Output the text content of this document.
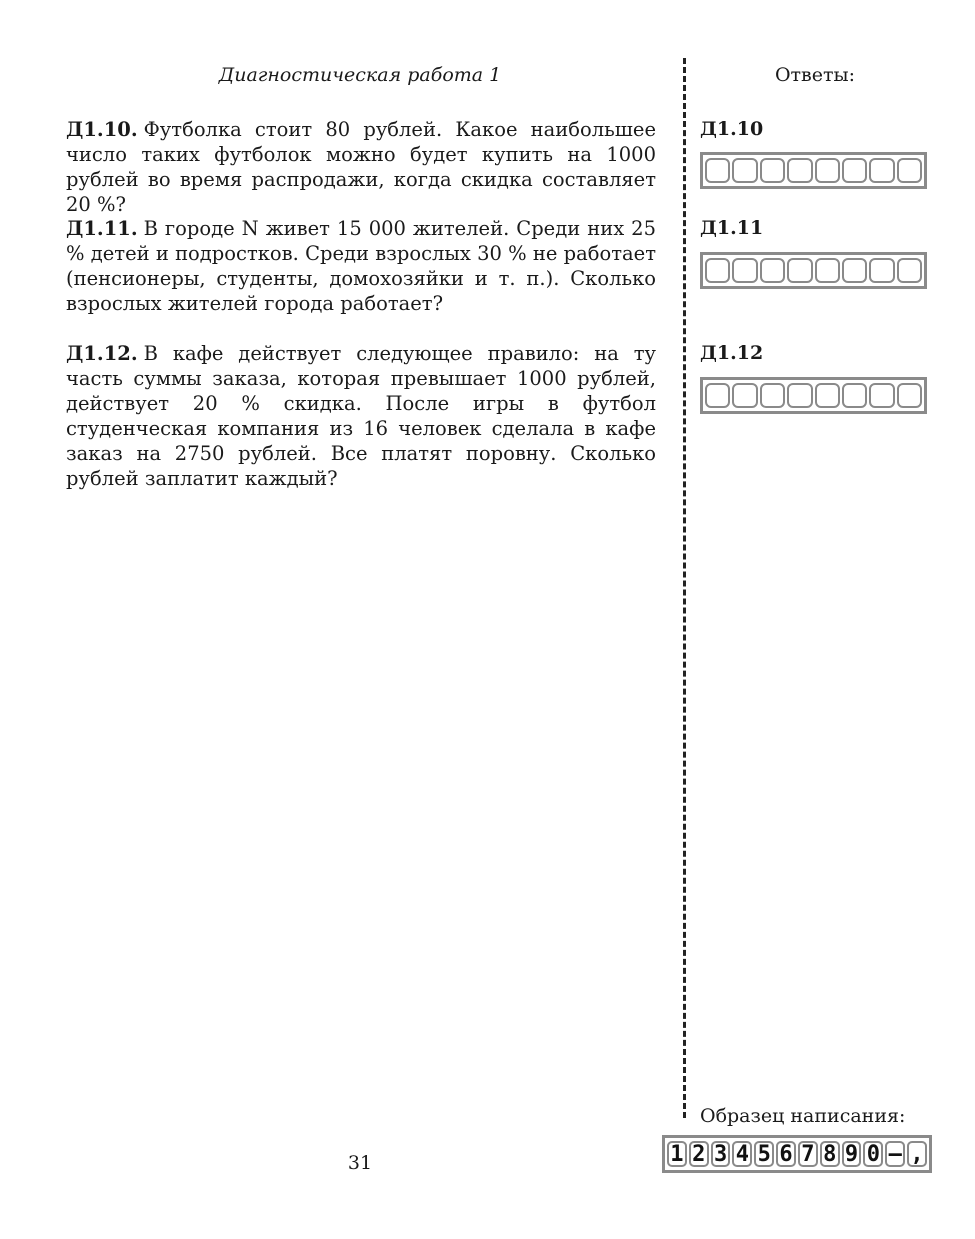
Диагностическая работа 1	Ответы:
Д1.10. Футболка стоит 80 рублей. Какое наибольшее число таких футболок можно будет купить на 1000 рублей во время распродажи, когда скидка составляет 20 %?
Д1.11. В городе N живет 15 000 жителей. Среди них 25 % детей и подростков. Среди взрослых 30 % не работает (пенсионеры, студенты, домохозяйки и т. п.). Сколько взрослых жителей города работает?
Д1.12. В кафе действует следующее правило: на ту часть суммы заказа, которая превышает 1000 рублей, действует 20 % скидка. После игры в футбол студенческая компания из 16 человек сделала в кафе заказ на 2750 рублей. Все платят поровну. Сколько рублей заплатит каждый?
Д1.10
Д1.11
Д1.12
Образец написания:
1 2 3 4 5 6 7 8 9 0 – ,
31
